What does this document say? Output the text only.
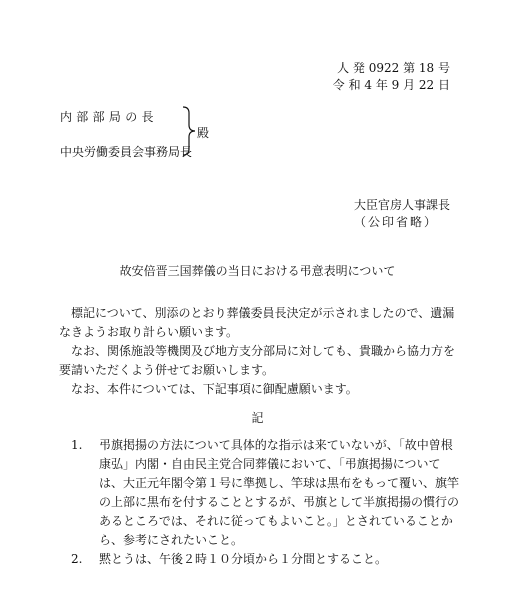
人 発 0922 第 18 号
令 和 4 年 9 月 22 日
内部部局の長
中央労働委員会事務局長
殿
大臣官房人事課長
（公印省略）
故安倍晋三国葬儀の当日における弔意表明について

標記について、別添のとおり葬儀委員長決定が示されましたので、遺漏なきようお取り計らい願います。

なお、関係施設等機関及び地方支分部局に対しても、貴職から協力方を要請いただくよう併せてお願いします。

なお、本件については、下記事項に御配慮願います。

記
1.	弔旗掲揚の方法について具体的な指示は来ていないが、「故中曽根康弘」内閣・自由民主党合同葬儀において、「弔旗掲揚については、大正元年閣令第１号に準拠し、竿球は黒布をもって覆い、旗竿の上部に黒布を付することとするが、弔旗として半旗掲揚の慣行のあるところでは、それに従ってもよいこと。」とされていることから、参考にされたいこと。
2.	黙とうは、午後２時１０分頃から１分間とすること。
